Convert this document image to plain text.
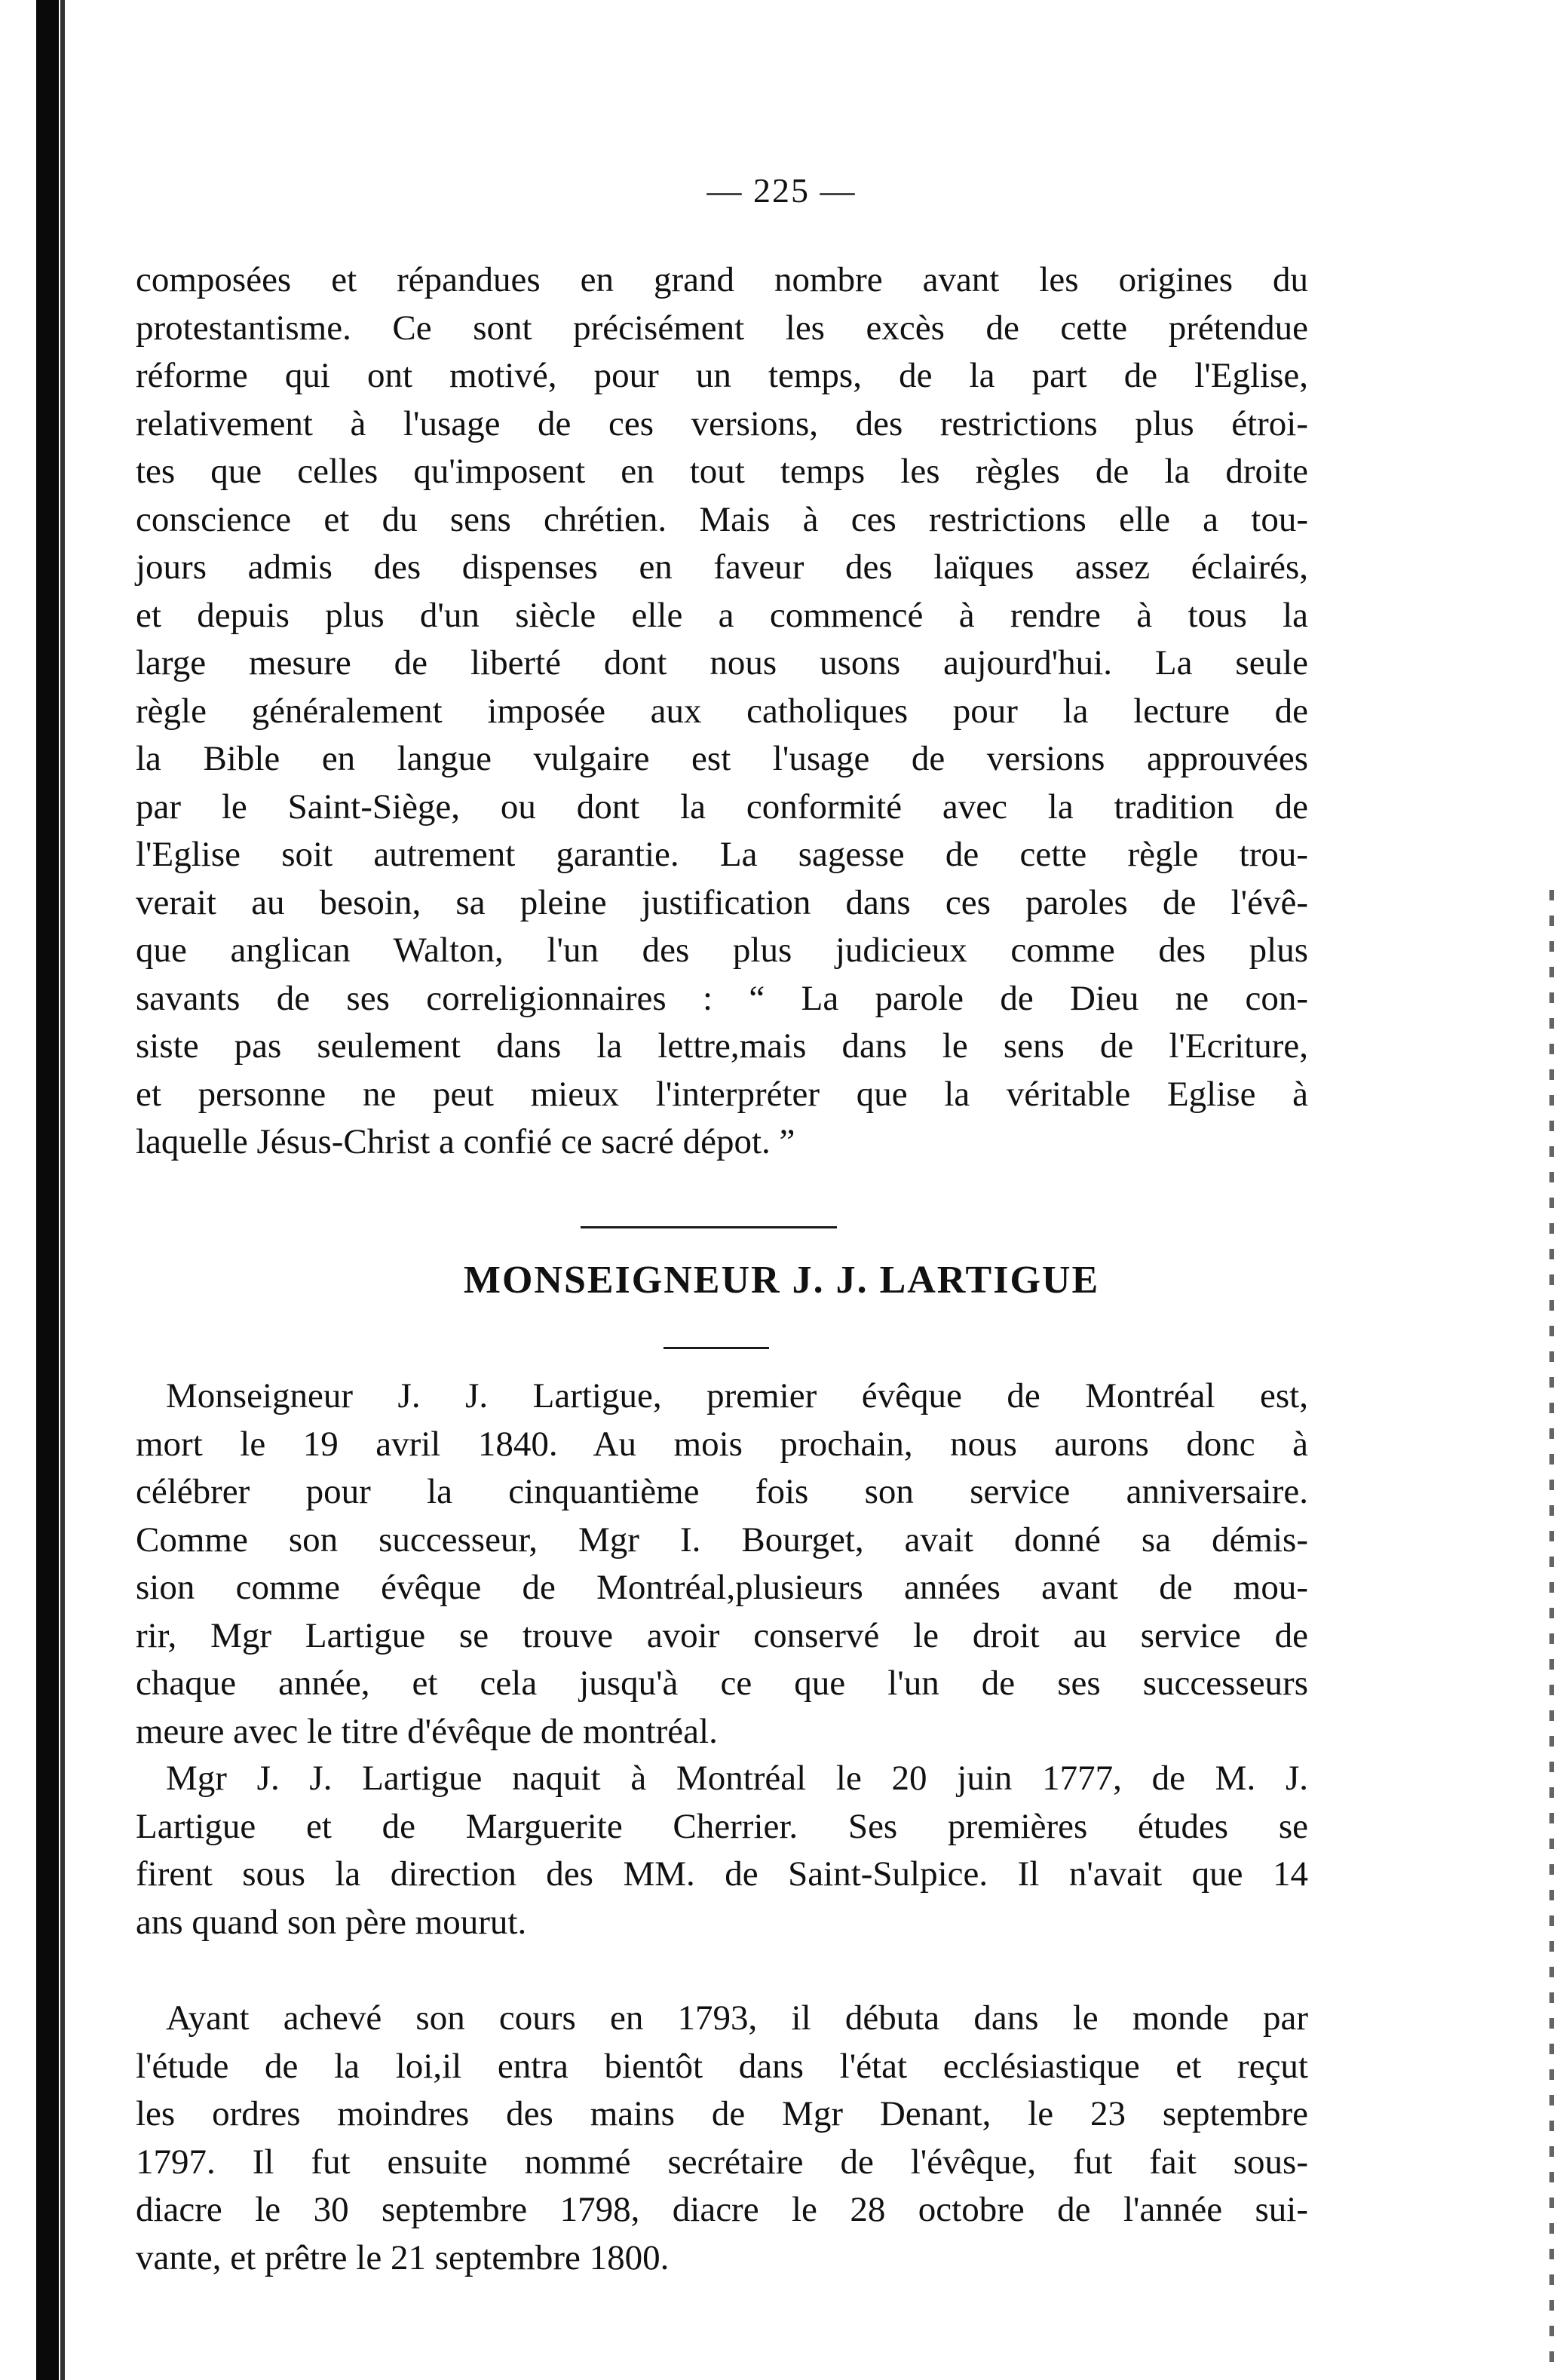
— 225 —
composées et répandues en grand nombre avant les origines du
protestantisme. Ce sont précisément les excès de cette prétendue
réforme qui ont motivé, pour un temps, de la part de l'Eglise,
relativement à l'usage de ces versions, des restrictions plus étroi-
tes que celles qu'imposent en tout temps les règles de la droite
conscience et du sens chrétien. Mais à ces restrictions elle a tou-
jours admis des dispenses en faveur des laïques assez éclairés,
et depuis plus d'un siècle elle a commencé à rendre à tous la
large mesure de liberté dont nous usons aujourd'hui. La seule
règle généralement imposée aux catholiques pour la lecture de
la Bible en langue vulgaire est l'usage de versions approuvées
par le Saint-Siège, ou dont la conformité avec la tradition de
l'Eglise soit autrement garantie. La sagesse de cette règle trou-
verait au besoin, sa pleine justification dans ces paroles de l'évê-
que anglican Walton, l'un des plus judicieux comme des plus
savants de ses correligionnaires : “ La parole de Dieu ne con-
siste pas seulement dans la lettre,mais dans le sens de l'Ecriture,
et personne ne peut mieux l'interpréter que la véritable Eglise à
laquelle Jésus-Christ a confié ce sacré dépot. ”
MONSEIGNEUR J. J. LARTIGUE
Monseigneur J. J. Lartigue, premier évêque de Montréal est,
mort le 19 avril 1840. Au mois prochain, nous aurons donc à
célébrer pour la cinquantième fois son service anniversaire.
Comme son successeur, Mgr I. Bourget, avait donné sa démis-
sion comme évêque de Montréal,plusieurs années avant de mou-
rir, Mgr Lartigue se trouve avoir conservé le droit au service de
chaque année, et cela jusqu'à ce que l'un de ses successeurs
meure avec le titre d'évêque de montréal.
Mgr J. J. Lartigue naquit à Montréal le 20 juin 1777, de M. J.
Lartigue et de Marguerite Cherrier. Ses premières études se
firent sous la direction des MM. de Saint-Sulpice. Il n'avait que 14
ans quand son père mourut.
Ayant achevé son cours en 1793, il débuta dans le monde par
l'étude de la loi,il entra bientôt dans l'état ecclésiastique et reçut
les ordres moindres des mains de Mgr Denant, le 23 septembre
1797. Il fut ensuite nommé secrétaire de l'évêque, fut fait sous-
diacre le 30 septembre 1798, diacre le 28 octobre de l'année sui-
vante, et prêtre le 21 septembre 1800.
